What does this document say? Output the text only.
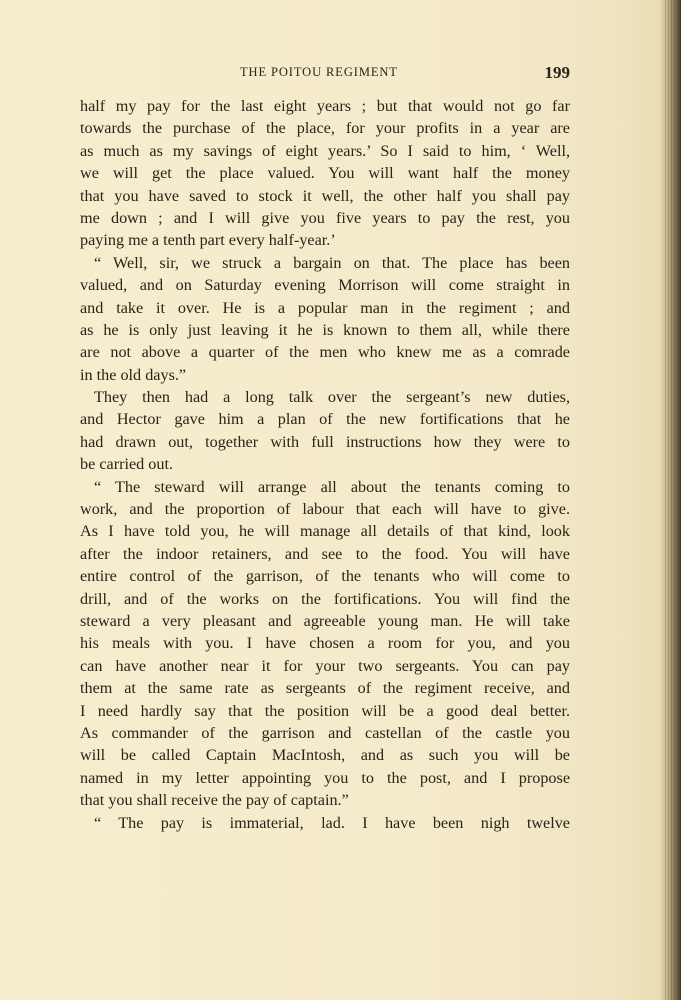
THE POITOU REGIMENT	199
half my pay for the last eight years ; but that would not go far
towards the purchase of the place, for your profits in a year are
as much as my savings of eight years.’ So I said to him, ‘ Well,
we will get the place valued. You will want half the money
that you have saved to stock it well, the other half you shall pay
me down ; and I will give you five years to pay the rest, you
paying me a tenth part every half-year.’
“ Well, sir, we struck a bargain on that. The place has been
valued, and on Saturday evening Morrison will come straight in
and take it over. He is a popular man in the regiment ; and
as he is only just leaving it he is known to them all, while there
are not above a quarter of the men who knew me as a comrade
in the old days.”
They then had a long talk over the sergeant’s new duties,
and Hector gave him a plan of the new fortifications that he
had drawn out, together with full instructions how they were to
be carried out.
“ The steward will arrange all about the tenants coming to
work, and the proportion of labour that each will have to give.
As I have told you, he will manage all details of that kind, look
after the indoor retainers, and see to the food. You will have
entire control of the garrison, of the tenants who will come to
drill, and of the works on the fortifications. You will find the
steward a very pleasant and agreeable young man. He will take
his meals with you. I have chosen a room for you, and you
can have another near it for your two sergeants. You can pay
them at the same rate as sergeants of the regiment receive, and
I need hardly say that the position will be a good deal better.
As commander of the garrison and castellan of the castle you
will be called Captain MacIntosh, and as such you will be
named in my letter appointing you to the post, and I propose
that you shall receive the pay of captain.”
“ The pay is immaterial, lad. I have been nigh twelve
